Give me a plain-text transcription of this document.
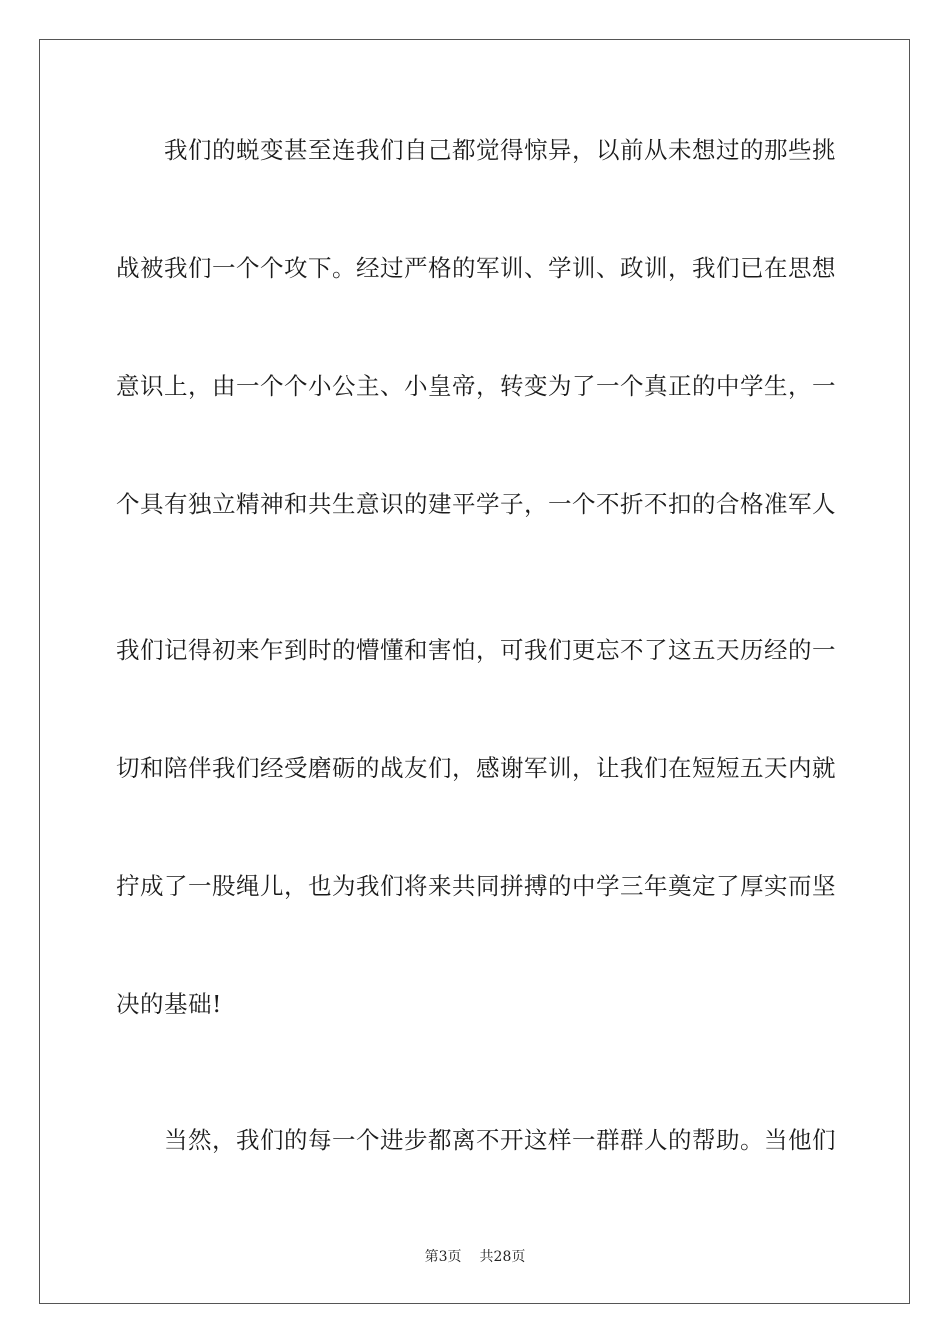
我们的蜕变甚至连我们自己都觉得惊异，以前从未想过的那些挑
战被我们一个个攻下。经过严格的军训、学训、政训，我们已在思想
意识上，由一个个小公主、小皇帝，转变为了一个真正的中学生，一
个具有独立精神和共生意识的建平学子，一个不折不扣的合格准军人
我们记得初来乍到时的懵懂和害怕，可我们更忘不了这五天历经的一
切和陪伴我们经受磨砺的战友们，感谢军训，让我们在短短五天内就
拧成了一股绳儿，也为我们将来共同拼搏的中学三年奠定了厚实而坚
决的基础!
当然，我们的每一个进步都离不开这样一群群人的帮助。当他们
第3页 共28页
